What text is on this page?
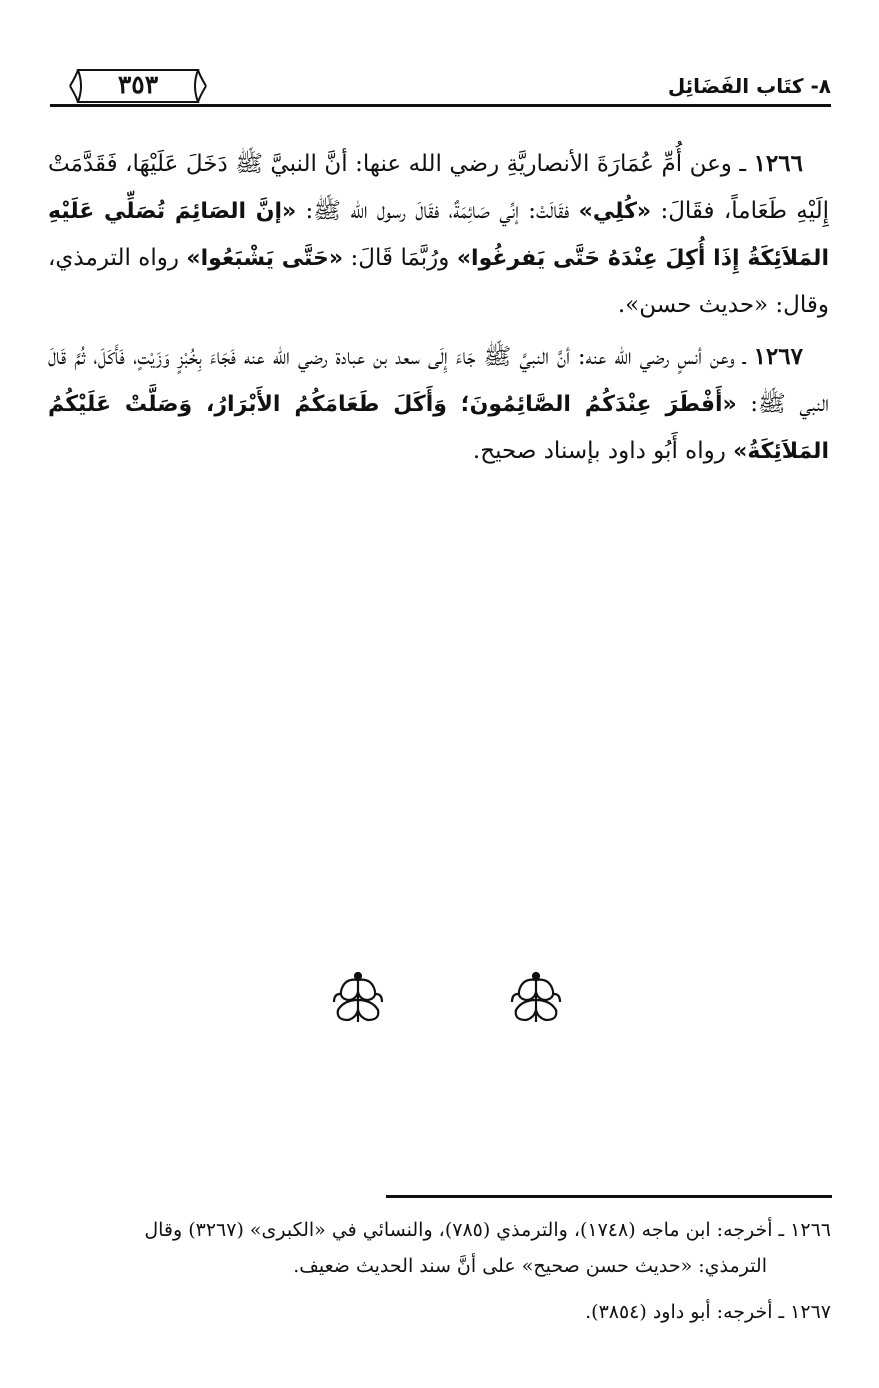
٣٥٣	٨- كتَاب الفَضَائِل

١٢٦٦ ـ وعن أُمِّ عُمَارَةَ الأنصاريَّةِ رضي الله عنها: أنَّ النبيَّ ﷺ دَخَلَ عَلَيْهَا، فَقَدَّمَتْ إِلَيْهِ طَعَاماً، فقَالَ: «كُلِي» فقَالَتْ: إنِّي صَائِمَةٌ، فقَالَ رسول الله ﷺ: «إنَّ الصَائِمَ تُصَلِّي عَلَيْهِ المَلاَئِكَةُ إِذَا أُكِلَ عِنْدَهُ حَتَّى يَفرغُوا» ورُبَّمَا قَالَ: «حَتَّى يَشْبَعُوا» رواه الترمذي، وقال: «حديث حسن».

١٢٦٧ ـ وعن أنسٍ رضي الله عنه: أنَّ النبيَّ ﷺ جَاءَ إِلَى سعد بن عبادة رضي الله عنه فَجَاءَ بِخُبْزٍ وَزَيْتٍ، فَأَكَلَ، ثُمَّ قَالَ النبي ﷺ: «أَفْطَرَ عِنْدَكُمُ الصَّائِمُونَ؛ وَأَكَلَ طَعَامَكُمُ الأَبْرَارُ، وَصَلَّتْ عَلَيْكُمُ المَلاَئِكَةُ» رواه أَبُو داود بإسناد صحيح.

١٢٦٦ ـ أخرجه: ابن ماجه (١٧٤٨)، والترمذي (٧٨٥)، والنسائي في «الكبرى» (٣٢٦٧) وقال
الترمذي: «حديث حسن صحيح» على أنَّ سند الحديث ضعيف.

١٢٦٧ ـ أخرجه: أبو داود (٣٨٥٤).
